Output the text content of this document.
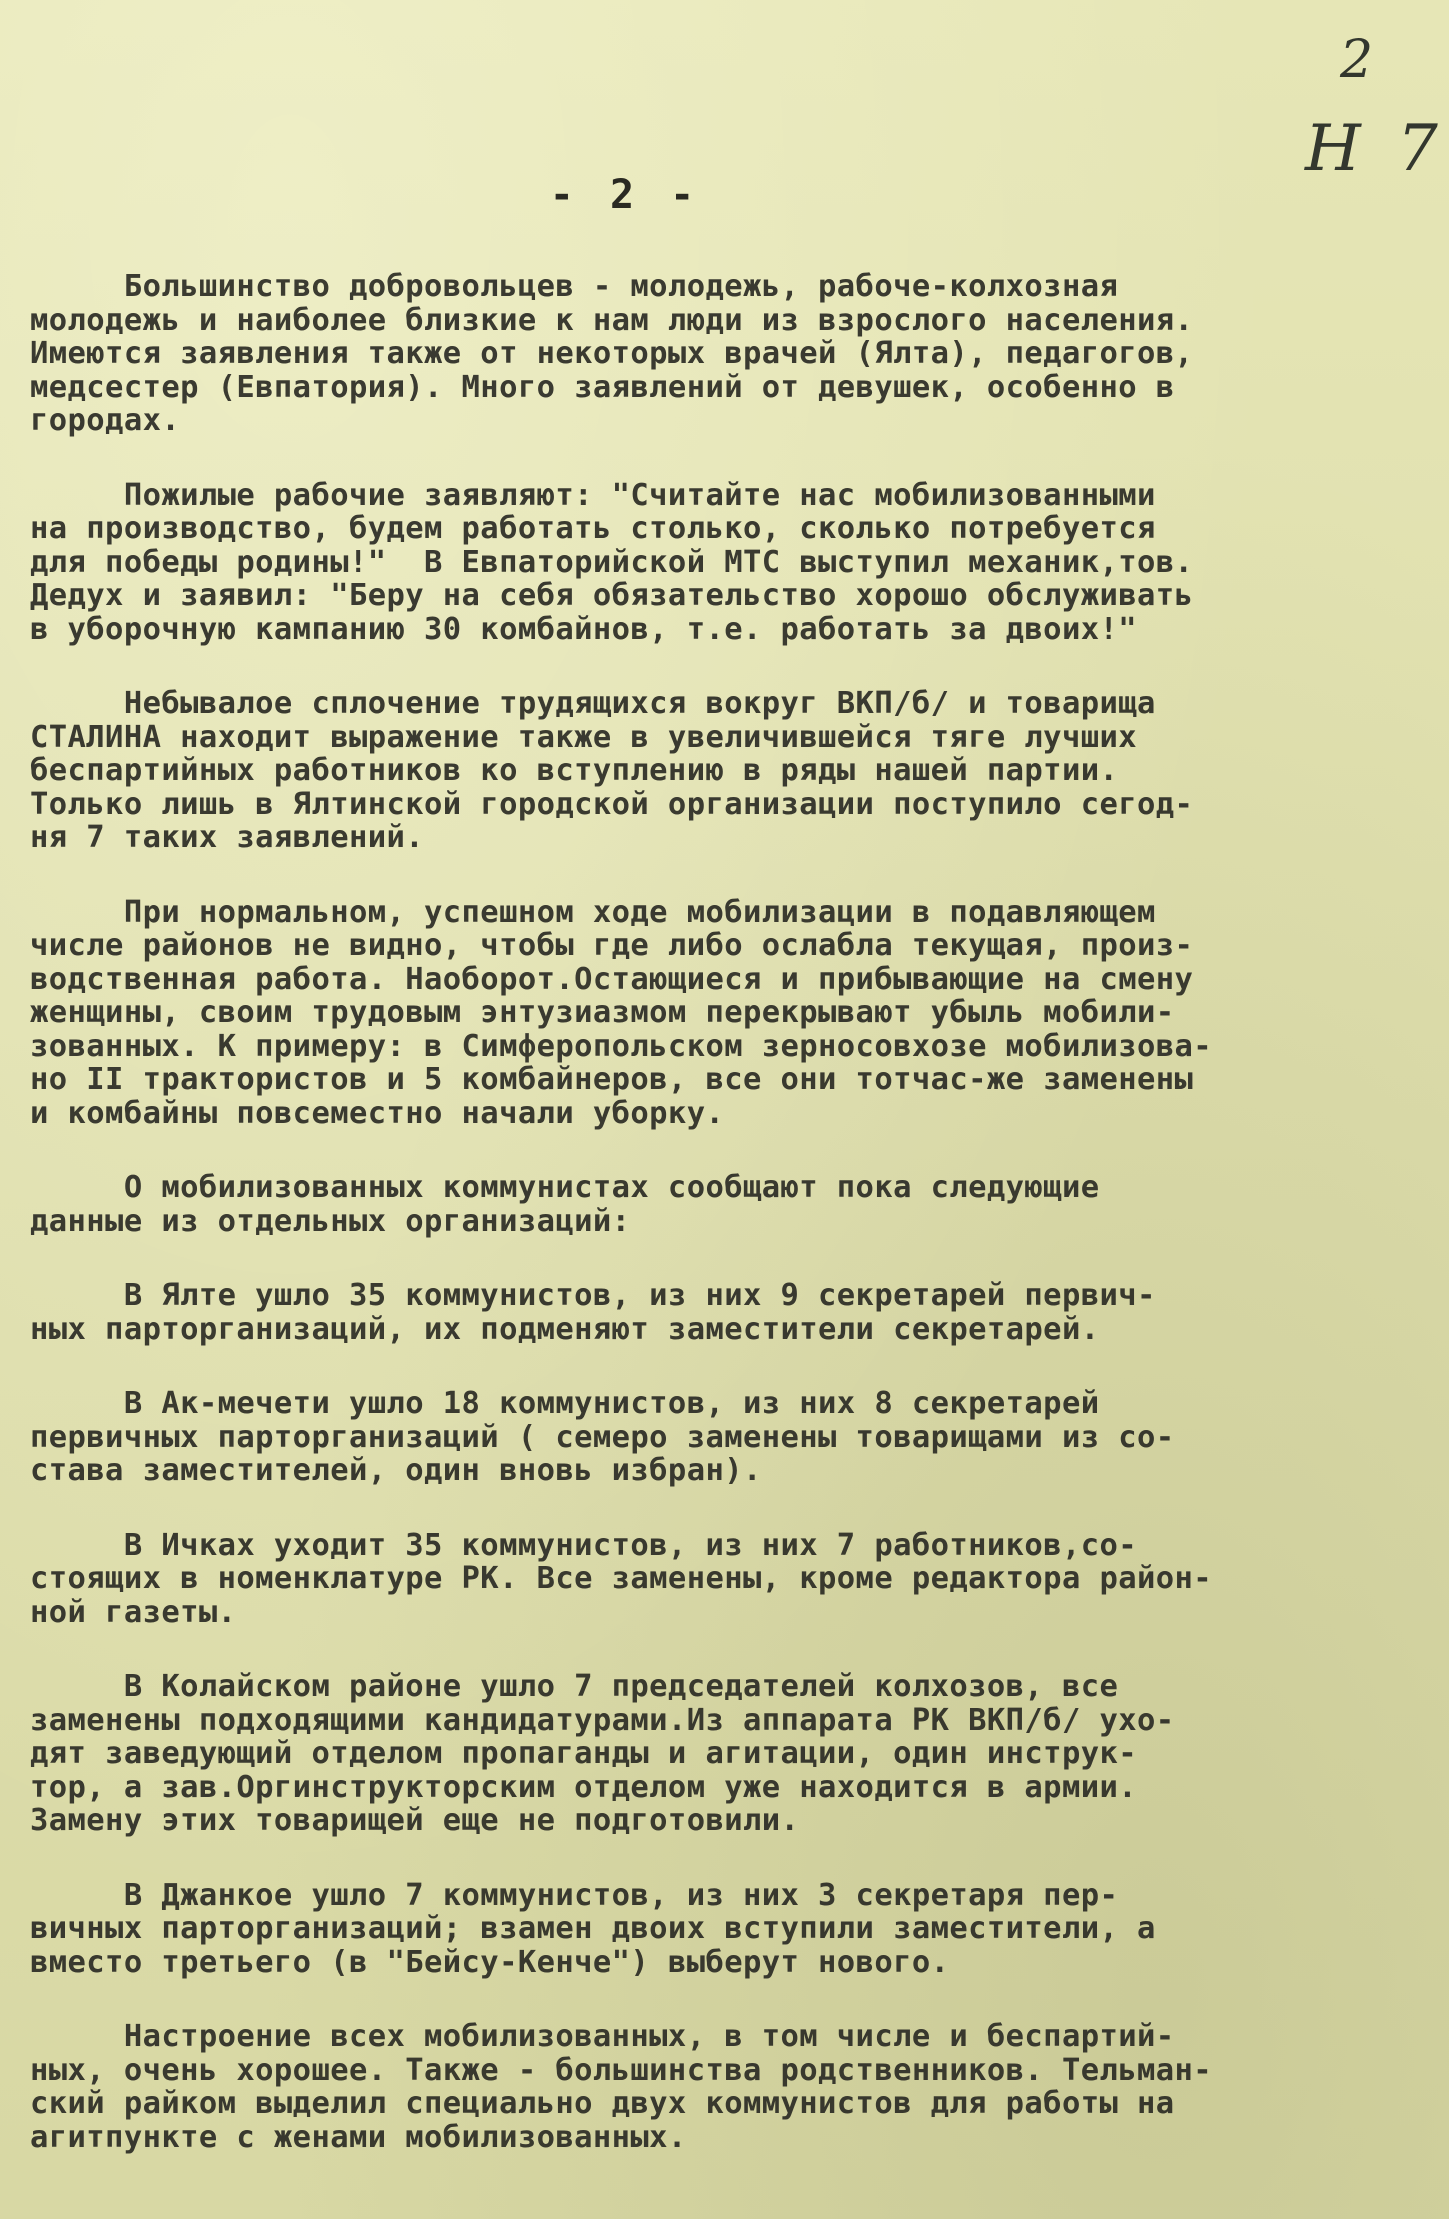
2
Н 7
- 2 -
Большинство добровольцев - молодежь, рабоче-колхозная
молодежь и наиболее близкие к нам люди из взрослого населения.
Имеются заявления также от некоторых врачей (Ялта), педагогов,
медсестер (Евпатория). Много заявлений от девушек, особенно в
городах.
Пожилые рабочие заявляют: "Считайте нас мобилизованными
на производство, будем работать столько, сколько потребуется
для победы родины!"  В Евпаторийской МТС выступил механик,тов.
Дедух и заявил: "Беру на себя обязательство хорошо обслуживать
в уборочную кампанию 30 комбайнов, т.е. работать за двоих!"
Небывалое сплочение трудящихся вокруг ВКП/б/ и товарища
СТАЛИНА находит выражение также в увеличившейся тяге лучших
беспартийных работников ко вступлению в ряды нашей партии.
Только лишь в Ялтинской городской организации поступило сегод-
ня 7 таких заявлений.
При нормальном, успешном ходе мобилизации в подавляющем
числе районов не видно, чтобы где либо ослабла текущая, произ-
водственная работа. Наоборот.Остающиеся и прибывающие на смену
женщины, своим трудовым энтузиазмом перекрывают убыль мобили-
зованных. К примеру: в Симферопольском зерносовхозе мобилизова-
но II трактористов и 5 комбайнеров, все они тотчас-же заменены
и комбайны повсеместно начали уборку.
О мобилизованных коммунистах сообщают пока следующие
данные из отдельных организаций:
В Ялте ушло 35 коммунистов, из них 9 секретарей первич-
ных парторганизаций, их подменяют заместители секретарей.
В Ак-мечети ушло 18 коммунистов, из них 8 секретарей
первичных парторганизаций ( семеро заменены товарищами из со-
става заместителей, один вновь избран).
В Ичках уходит 35 коммунистов, из них 7 работников,со-
стоящих в номенклатуре РК. Все заменены, кроме редактора район-
ной газеты.
В Колайском районе ушло 7 председателей колхозов, все
заменены подходящими кандидатурами.Из аппарата РК ВКП/б/ ухо-
дят заведующий отделом пропаганды и агитации, один инструк-
тор, а зав.Оргинструкторским отделом уже находится в армии.
Замену этих товарищей еще не подготовили.
В Джанкое ушло 7 коммунистов, из них 3 секретаря пер-
вичных парторганизаций; взамен двоих вступили заместители, а
вместо третьего (в "Бейсу-Кенче") выберут нового.
Настроение всех мобилизованных, в том числе и беспартий-
ных, очень хорошее. Также - большинства родственников. Тельман-
ский райком выделил специально двух коммунистов для работы на
агитпункте с женами мобилизованных.
